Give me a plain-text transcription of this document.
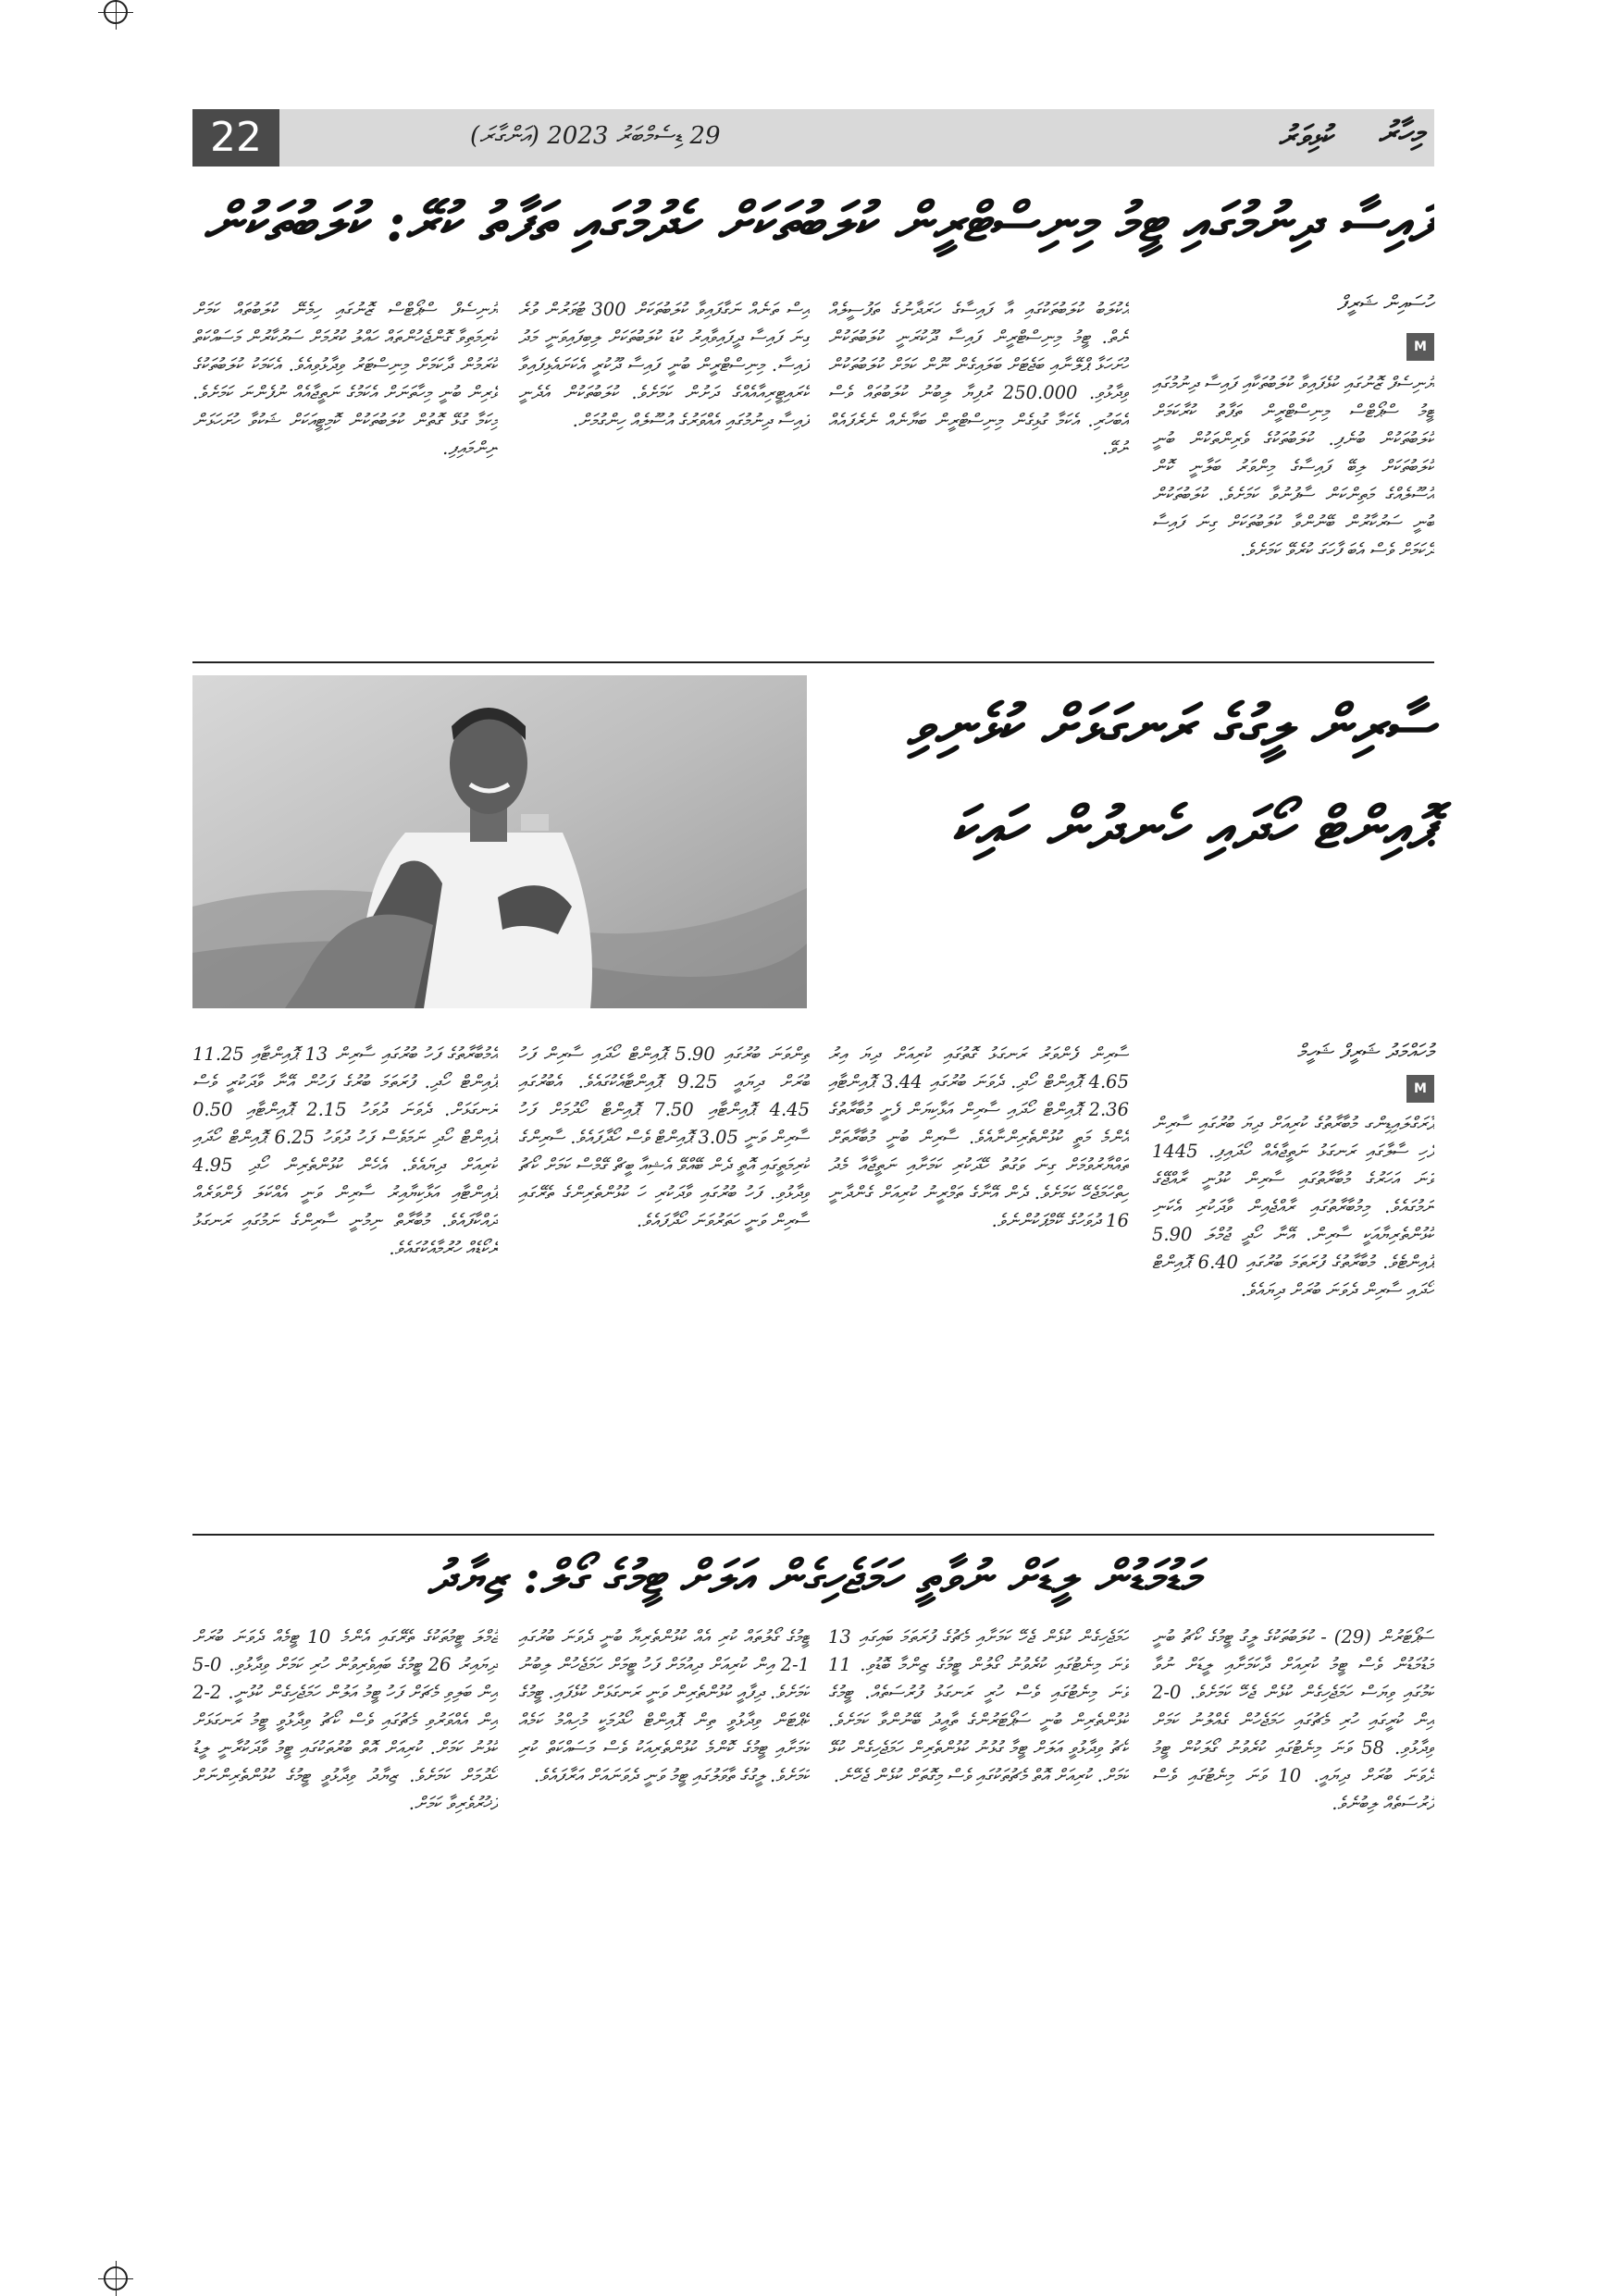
22	29 ޑިސެމްބަރު 2023 (އަންގާރަ)	ކުޅިވަރު މިހާރު
ފައިސާ ދިނުމުގައި ޓީމު މިނިސްޓްރީން ކުލަބުތަކަށް ހެދުމުގައި ތަފާތު ކުރޭ: ކުލަބުތަކުން
ހުސައިން ޝަރީފް
M
ޔުނިސެފް ޒޮނުގައި ކުޅެފައިވާ ކުލަބުތަކާއި ފައިސާ ދިނުމުގައި ޓީމު ސްޕޯޓްސް މިނިސްޓްރީން ތަފާތު ކުރާކަމަށް ކުލަބުތަކުން ބުނެފި. ކުލަބުތަކުގެ ވެރިންތަކުން ބުނީ ކުލަބުތަކަށް ލިބޭ ފައިސާގެ މިންވަރު ބަލާނީ ކޮން އުސޫލެއްގެ މަތިންކަން ސާފުނުވާ ކަމަށެވެ. ކުލަބުތަކުން ބުނީ ސަރުކާރުން ބޭނުންވާ ކުލަބުތަކަށް ގިނަ ފައިސާ ދޭކަމަށް ވެސް އެބަ ފާހަގަ ކުރެވޭ ކަމަށެވެ.
އެކުލަބު ކުލަބުތަކުގައި އާ ފައިސާގެ ހަރަދާނުގެ ތަފުސީލެއް ނެތް. ޓީމު މިނިސްޓްރީން ފައިސާ ދޫކުރަނީ ކުލަބުތަކުން ހުށަހަޅާ ޕްލޭނާއި ބަޖެޓަށް ބަލައިގެން ނޫން ކަމަށް ކުލަބުތަކުން ވިދާޅުވި. 250.000 ރުފިޔާ ލިބުނު ކުލަބުތައް ވެސް އެބަހުރި. އެކަމާ ގުޅިގެން މިނިސްޓްރީން ބަޔާނެއް ނެރެފައެއް ނުވޭ.
އިސް ތަނެއް ނަގާފައިވާ ކުލަބުތަކަށް 300 ޓުވަރުން ވުރެ ގިނަ ފައިސާ ދީފައިވާއިރު ކުޑަ ކުލަބުތަކަށް ލިބިފައިވަނީ މަދު ފައިސާ. މިނިސްޓްރީން ބުނީ ފައިސާ ދޫކުރީ އެކަށައެޅިފައިވާ ކްރައިޓީރިއާއެއްގެ ދަށުން ކަމަށެވެ. ކުލަބުތަކުން އެދެނީ ފައިސާ ދިނުމުގައި އެއްވަރުގެ އުސޫލެއް ހިންގުމަށް.
ޔުނިސެފް ސްޕޯޓްސް ޒޮނުގައި ހިމެނޭ ކުލަބުތައް ކަމަށް ކުރިމަތިވާ ގޮންޖެހުންތައް ހައްލު ކުރުމަށް ސަރުކާރުން މަސައްކަތް ކުރަމުން ދާކަމަށް މިނިސްޓަރު ވިދާޅުވިއެވެ. އެކަމަކު ކުލަބުތަކުގެ ވެރިން ބުނީ މިހާތަނަށް އެކަމުގެ ނަތީޖާއެއް ނުފެންނަ ކަމަށެވެ. މިކަމާ ގުޅޭ ގޮތުން ކުލަބުތަކުން ކޮމިޓީއަކަށް ޝަކުވާ ހުށަހަޅަން ނިންމައިފި.
ސާރިން ލީގުގެ ރަނގަޅަށް ކުޅެނިވި ޕޮއިންޓް ހޯދައި ހެނދުން ހައިކަ
މުހައްމަދު ޝަރީފް ޝަހީމް
M
ޕާރަގްލައިޑިންގ މުބާރާތުގެ ކުރިއަށް ދިޔަ ބުރުގައި ސާރިން ފެހި ސާލާގައި ރަނގަޅު ނަތީޖާއެއް ހޯދައިފި. 1445 ވަނަ އަހަރުގެ މުބާރާތުގައި ސާރިން ކުޅުނީ ރާއްޖޭގެ ނަމުގައެވެ. މިމުބާރާތުގައި ރާއްޖެއިން ވާދަކުރި އެކަނި ކުޅުންތެރިޔާއަކީ ސާރިން. އޭނާ ހޯދީ ޖުމްލަ 5.90 ޕޮއިންޓެވެ. މުބާރާތުގެ ފުރަތަމަ ބުރުގައި 6.40 ޕޮއިންޓް ހޯދައި ސާރިން ދެވަނަ ބުރަށް ދިޔައެވެ.
ސާރިން ފެންވަރު ރަނގަޅު ގޮތުގައި ކުރިއަށް ދިޔަ އިރު 4.65 ޕޮއިންޓް ހޯދި. ދެވަނަ ބުރުގައި 3.44 ޕޮއިންޓާއި 2.36 ޕޮއިންޓް ހޯދައި ސާރިން އަޅާކިޔަން ފެށީ މުބާރާތުގެ އެންމެ މަތީ ކުޅުންތެރިންނާއެވެ. ސާރިން ބުނީ މުބާރާތަށް ތައްޔާރުވުމަށް ގިނަ ވަގުތު ހޭދަކުރި ކަމަށާއި ނަތީޖާއާ މެދު ހިތްހަމަޖެހޭ ކަމަށެވެ. ދެން އޭނާގެ ތަމްރީނު ކުރިއަށް ގެންދާނީ 16 ދުވަހުގެ ކޭމްޕަކުންނެވެ.
ތިންވަނަ ބުރުގައި 5.90 ޕޮއިންޓް ހޯދައި ސާރިން ފަހު ބުރަށް ދިޔައީ 9.25 ޕޮއިންޓާއެކުގައެވެ. އެބުރުގައި 4.45 ޕޮއިންޓާއި 7.50 ޕޮއިންޓް ހޯދުމަށް ފަހު ސާރިން ވަނީ 3.05 ޕޮއިންޓް ވެސް ހޯދާފައެވެ. ސާރިންގެ ކުރިމަތީގައި އޮތީ ދެން ބޭއްވޭ އެޝިއާ ބީޗް ގޭމްސް ކަމަށް ކޯޗު ވިދާޅުވި. ފަހު ބުރުގައި ވާދަކުރި ހަ ކުޅުންތެރިންގެ ތެރޭގައި ސާރިން ވަނީ ހަތަރުވަނަ ހޯދާފައެވެ.
އެމުބާރާތުގެ ފަހު ބުރުގައި ސާރިން 13 ޕޮއިންޓާއި 11.25 ޕޮއިންޓް ހޯދި. ފުރަތަމަ ބުރުގެ ފަހުން އޭނާ ވާދަކުރީ ވެސް ރަނގަޅަށް. ދެވަނަ ދުވަހު 2.15 ޕޮއިންޓާއި 0.50 ޕޮއިންޓް ހޯދި ނަމަވެސް ފަހު ދުވަހު 6.25 ޕޮއިންޓް ހޯދައި ކުރިއަށް ދިޔައެވެ. އެހެން ކުޅުންތެރިން ހޯދި 4.95 ޕޮއިންޓާއި އަޅާކިޔާއިރު ސާރިން ވަނީ އެއްކަލަ ފެންވަރެއް ދައްކާފައެވެ. މުބާރާތް ނިމުނީ ސާރިންގެ ނަމުގައި ރަނގަޅު ރެކޯޑެއް ހުރުމާއެކުގައެވެ.
މަޑުމަޑުން ލީޑަށް ނުވާތީ ހަމަޖެހިގެން އަލަށް ޓީމުގެ ގޯލް: ޒިޔާދު
ސަޕޯޓަރުން (29) - ކުލަބުތަކުގެ ލީގު ޓީމުގެ ކޯޗު ބުނީ މަޑުމަޑުން ވެސް ޓީމު ކުރިއަށް ދާކަމަށާއި ލީޑަށް ނުވާ ކަމުގައި ވިޔަސް ހަމަޖެހިގެން ކުޅެން ޖެހޭ ކަމަށެވެ. 0-2 އިން ކުރީގައި ހުރި މެޗުގައި ހަމަޖެހުން ގެއްލުނު ކަމަށް ވިދާޅުވި. 58 ވަނަ މިނެޓުގައި ކުރެވުނު ގޯލަކުން ޓީމު ދެވަނަ ބުރަށް ދިޔައީ. 10 ވަނަ މިނެޓުގައި ވެސް ފުރުސަތެއް ލިބުނެވެ.
ހަމަޖެހިގެން ކުޅެން ޖެހޭ ކަމަށާއި މެޗުގެ ފުރަތަމަ ބައިގައި 13 ވަނަ މިނެޓުގައި ކުރެވުނު ގޯލުން ޓީމުގެ ޒިންމާ ބޮޑުވި. 11 ވަނަ މިނެޓުގައި ވެސް ހުރީ ރަނގަޅު ފުރުސަތެއް. ޓީމުގެ ކުޅުންތެރިން ބުނީ ސަޕޯޓަރުންގެ ތާއީދު ބޭނުންވާ ކަމަށެވެ. ކޯޗު ވިދާޅުވީ އަލަށް ޓީމާ ގުޅުނު ކުޅުންތެރިން ހަމަޖެހިގެން ކުޅޭ ކަމަށް. ކުރިއަށް އޮތް މެޗުތަކުގައި ވެސް މިގޮތަށް ކުޅެން ޖެހޭނެ.
ޓީމުގެ ގޯލުތައް ކުރި އެއް ކުޅުންތެރިޔާ ބުނީ ދެވަނަ ބުރުގައި 1-2 އިން ކުރިއަށް ދިއުމަށް ފަހު ޓީމަށް ހަމަޖެހުން ލިބުނު ކަމަށެވެ. ދިފާއީ ކުޅުންތެރިން ވަނީ ރަނގަޅަށް ކުޅެފައި. ޓީމުގެ ކެޕްޓަން ވިދާޅުވީ ތިން ޕޮއިންޓް ހޯދުމަކީ މުހިއްމު ކަމެއް ކަމަށާއި ޓީމުގެ ކޮންމެ ކުޅުންތެރިއަކު ވެސް މަސައްކަތް ކުރި ކަމަށެވެ. ލީގުގެ ތާވަލުގައި ޓީމު ވަނީ ދެވަނައަށް އަރާފައެވެ.
ޖުމްލަ ޓީމުތަކުގެ ތެރޭގައި އެންމެ 10 ޓީމެއް ދެވަނަ ބުރަށް ދިޔައިރު 26 ޓީމުގެ ބައިވެރިވުން ހުރި ކަމަށް ވިދާޅުވި. 0-5 އިން ބަލިވި މެޗަށް ފަހު ޓީމު އަލުން ހަމަޖެހިގެން ކުޅުނީ. 2-2 އިން އެއްވަރުވި މެޗުގައި ވެސް ކޯޗު ވިދާޅުވީ ޓީމު ރަނގަޅަށް ކުޅުނު ކަމަށް. ކުރިއަށް އޮތް ބުރުތަކުގައި ޓީމު ވާދަކުރާނީ ލީޑު ހޯދުމަށް ކަމަށެވެ. ޒިޔާދު ވިދާޅުވީ ޓީމުގެ ކުޅުންތެރިންނަށް ފަޚުރުވެރިވާ ކަމަށް.
